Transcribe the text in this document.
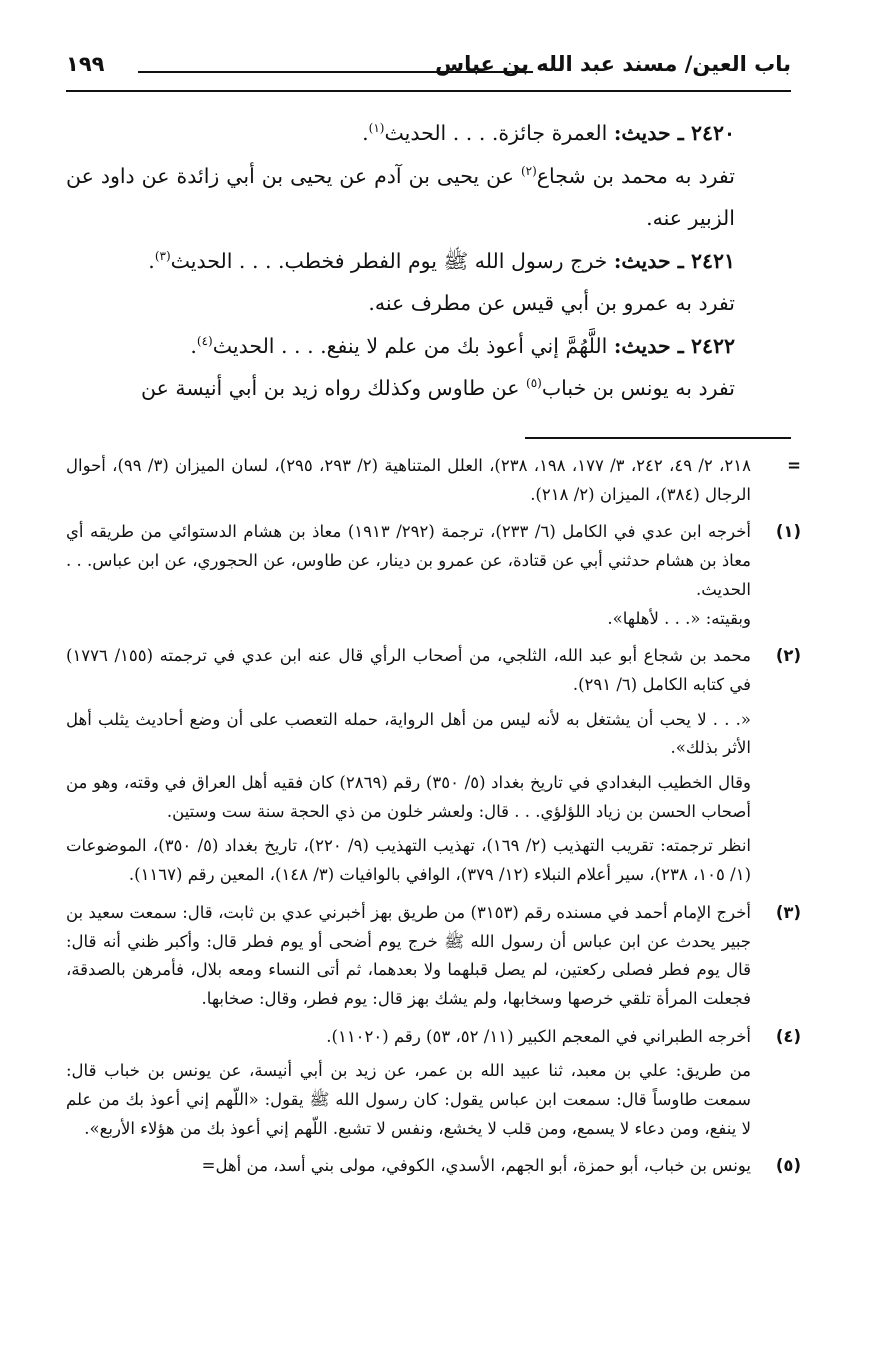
باب العين/ مسند عبد الله بن عباس
١٩٩

٢٤٢٠ ـ حديث: العمرة جائزة. . . . الحديث$^{(١)}$.

تفرد به محمد بن شجاع$^{(٢)}$ عن يحيى بن آدم عن يحيى بن أبي زائدة عن داود عن الزبير عنه.

٢٤٢١ ـ حديث: خرج رسول الله ﷺ يوم الفطر فخطب. . . . الحديث$^{(٣)}$.

تفرد به عمرو بن أبي قيس عن مطرف عنه.

٢٤٢٢ ـ حديث: اللَّهُمَّ إني أعوذ بك من علم لا ينفع. . . . الحديث$^{(٤)}$.

تفرد به يونس بن خباب$^{(٥)}$ عن طاوس وكذلك رواه زيد بن أبي أنيسة عن

=

٢١٨، ٢/ ٤٩، ٢٤٢، ٣/ ١٧٧، ١٩٨، ٢٣٨)، العلل المتناهية (٢/ ٢٩٣، ٢٩٥)، لسان الميزان (٣/ ٩٩)، أحوال الرجال (٣٨٤)، الميزان (٢/ ٢١٨).

(١)

أخرجه ابن عدي في الكامل (٦/ ٢٣٣)، ترجمة (٢٩٢/ ١٩١٣) معاذ بن هشام الدستوائي من طريقه أي معاذ بن هشام حدثني أبي عن قتادة، عن عمرو بن دينار، عن طاوس، عن الحجوري، عن ابن عباس. . . الحديث.

وبقيته: «. . . لأهلها».

(٢)

محمد بن شجاع أبو عبد الله، الثلجي، من أصحاب الرأي قال عنه ابن عدي في ترجمته (١٥٥/ ١٧٧٦) في كتابه الكامل (٦/ ٢٩١).

«. . . لا يحب أن يشتغل به لأنه ليس من أهل الرواية، حمله التعصب على أن وضع أحاديث يثلب أهل الأثر بذلك».

وقال الخطيب البغدادي في تاريخ بغداد (٥/ ٣٥٠) رقم (٢٨٦٩) كان فقيه أهل العراق في وقته، وهو من أصحاب الحسن بن زياد اللؤلؤي. . . قال: ولعشر خلون من ذي الحجة سنة ست وستين.

انظر ترجمته: تقريب التهذيب (٢/ ١٦٩)، تهذيب التهذيب (٩/ ٢٢٠)، تاريخ بغداد (٥/ ٣٥٠)، الموضوعات (١/ ١٠٥، ٢٣٨)، سير أعلام النبلاء (١٢/ ٣٧٩)، الوافي بالوافيات (٣/ ١٤٨)، المعين رقم (١١٦٧).

(٣)

أخرج الإمام أحمد في مسنده رقم (٣١٥٣) من طريق بهز أخبرني عدي بن ثابت، قال: سمعت سعيد بن جبير يحدث عن ابن عباس أن رسول الله ﷺ خرج يوم أضحى أو يوم فطر قال: وأكبر ظني أنه قال: قال يوم فطر فصلى ركعتين، لم يصل قبلهما ولا بعدهما، ثم أتى النساء ومعه بلال، فأمرهن بالصدقة، فجعلت المرأة تلقي خرصها وسخابها، ولم يشك بهز قال: يوم فطر، وقال: صخابها.

(٤)

أخرجه الطبراني في المعجم الكبير (١١/ ٥٢، ٥٣) رقم (١١٠٢٠).

من طريق: علي بن معبد، ثنا عبيد الله بن عمر، عن زيد بن أبي أنيسة، عن يونس بن خباب قال: سمعت طاوساً قال: سمعت ابن عباس يقول: كان رسول الله ﷺ يقول: «اللّهم إني أعوذ بك من علم لا ينفع، ومن دعاء لا يسمع، ومن قلب لا يخشع، ونفس لا تشبع. اللّهم إني أعوذ بك من هؤلاء الأربع».

(٥)

يونس بن خباب، أبو حمزة، أبو الجهم، الأسدي، الكوفي، مولى بني أسد، من أهل=
